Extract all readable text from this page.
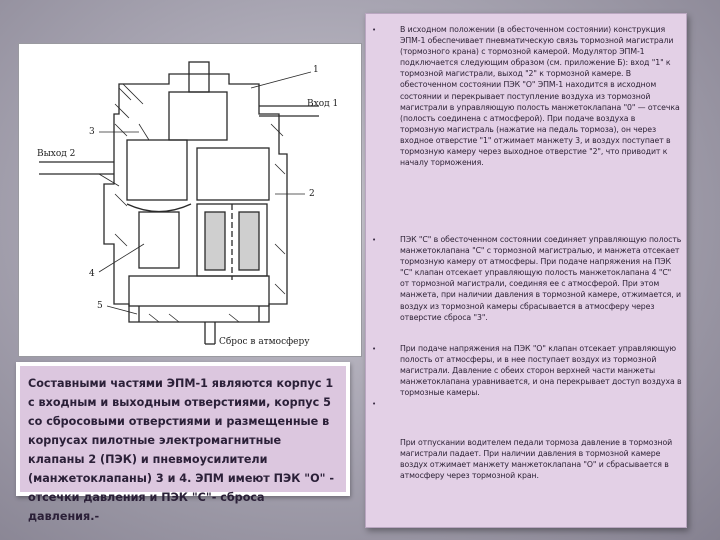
Вход 1
Выход 2
Сброс в атмосферу
1
2
3
4
5
Составными частями ЭПМ-1 являются корпус 1 с входным и выходным отверстиями, корпус 5 со сбросовыми отверстиями и размещенные в корпусах пилотные электромагнитные клапаны 2 (ПЭК) и пневмоусилители (манжетоклапаны) 3 и 4. ЭПМ имеют ПЭК "О" - отсечки давления и ПЭК "С"- сброса давления.-
•	В исходном положении (в обесточенном состоянии) конструкция ЭПМ-1 обеспечивает пневматическую связь тормозной магистрали (тормозного крана) с тормозной камерой. Модулятор ЭПМ-1 подключается следующим образом (см. приложение Б): вход "1" к тормозной магистрали, выход "2" к тормозной камере. В обесточенном состоянии ПЭК "О" ЭПМ-1 находится в исходном состоянии и перекрывает поступление воздуха из тормозной магистрали в управляющую полость манжетоклапана "0" — отсечка (полость соединена с атмосферой). При подаче воздуха в тормозную магистраль (нажатие на педаль тормоза), он через входное отверстие "1" отжимает манжету 3, и воздух поступает в тормозную камеру через выходное отверстие "2", что приводит к началу торможения.
•	ПЭК "С" в обесточенном состоянии соединяет управляющую полость манжетоклапана "С" с тормозной магистралью, и манжета отсекает тормозную камеру от атмосферы. При подаче напряжения на ПЭК "С" клапан отсекает управляющую полость манжетоклапана 4 "С" от тормозной магистрали, соединяя ее с атмосферой. При этом манжета, при наличии давления в тормозной камере, отжимается, и воздух из тормозной камеры сбрасывается в атмосферу через отверстие сброса "3".
•	При подаче напряжения на ПЭК "О" клапан отсекает управляющую полость от атмосферы, и в нее поступает воздух из тормозной магистрали. Давление с обеих сторон верхней части манжеты манжетоклапана уравнивается, и она перекрывает доступ воздуха в тормозные камеры.
•
При отпускании водителем педали тормоза давление в тормозной магистрали падает. При наличии давления в тормозной камере воздух отжимает манжету манжетоклапана "О" и сбрасывается в атмосферу через тормозной кран.
